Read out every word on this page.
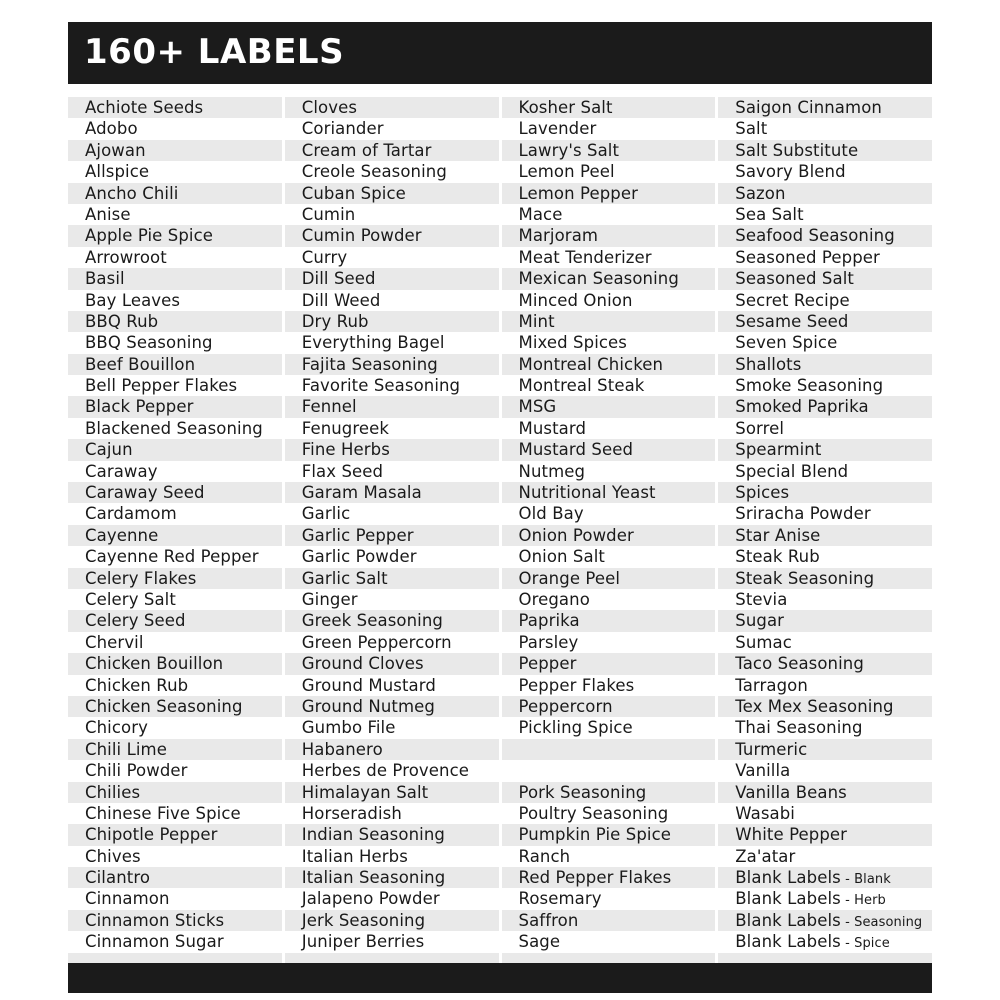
160+ LABELS
Achiote Seeds
Adobo
Ajowan
Allspice
Ancho Chili
Anise
Apple Pie Spice
Arrowroot
Basil
Bay Leaves
BBQ Rub
BBQ Seasoning
Beef Bouillon
Bell Pepper Flakes
Black Pepper
Blackened Seasoning
Cajun
Caraway
Caraway Seed
Cardamom
Cayenne
Cayenne Red Pepper
Celery Flakes
Celery Salt
Celery Seed
Chervil
Chicken Bouillon
Chicken Rub
Chicken Seasoning
Chicory
Chili Lime
Chili Powder
Chilies
Chinese Five Spice
Chipotle Pepper
Chives
Cilantro
Cinnamon
Cinnamon Sticks
Cinnamon Sugar
Cloves
Coriander
Cream of Tartar
Creole Seasoning
Cuban Spice
Cumin
Cumin Powder
Curry
Dill Seed
Dill Weed
Dry Rub
Everything Bagel
Fajita Seasoning
Favorite Seasoning
Fennel
Fenugreek
Fine Herbs
Flax Seed
Garam Masala
Garlic
Garlic Pepper
Garlic Powder
Garlic Salt
Ginger
Greek Seasoning
Green Peppercorn
Ground Cloves
Ground Mustard
Ground Nutmeg
Gumbo File
Habanero
Herbes de Provence
Himalayan Salt
Horseradish
Indian Seasoning
Italian Herbs
Italian Seasoning
Jalapeno Powder
Jerk Seasoning
Juniper Berries
Kosher Salt
Lavender
Lawry's Salt
Lemon Peel
Lemon Pepper
Mace
Marjoram
Meat Tenderizer
Mexican Seasoning
Minced Onion
Mint
Mixed Spices
Montreal Chicken
Montreal Steak
MSG
Mustard
Mustard Seed
Nutmeg
Nutritional Yeast
Old Bay
Onion Powder
Onion Salt
Orange Peel
Oregano
Paprika
Parsley
Pepper
Pepper Flakes
Peppercorn
Pickling Spice
Pork Seasoning
Poultry Seasoning
Pumpkin Pie Spice
Ranch
Red Pepper Flakes
Rosemary
Saffron
Sage
Saigon Cinnamon
Salt
Salt Substitute
Savory Blend
Sazon
Sea Salt
Seafood Seasoning
Seasoned Pepper
Seasoned Salt
Secret Recipe
Sesame Seed
Seven Spice
Shallots
Smoke Seasoning
Smoked Paprika
Sorrel
Spearmint
Special Blend
Spices
Sriracha Powder
Star Anise
Steak Rub
Steak Seasoning
Stevia
Sugar
Sumac
Taco Seasoning
Tarragon
Tex Mex Seasoning
Thai Seasoning
Turmeric
Vanilla
Vanilla Beans
Wasabi
White Pepper
Za'atar
Blank Labels - Blank
Blank Labels - Herb
Blank Labels - Seasoning
Blank Labels - Spice
